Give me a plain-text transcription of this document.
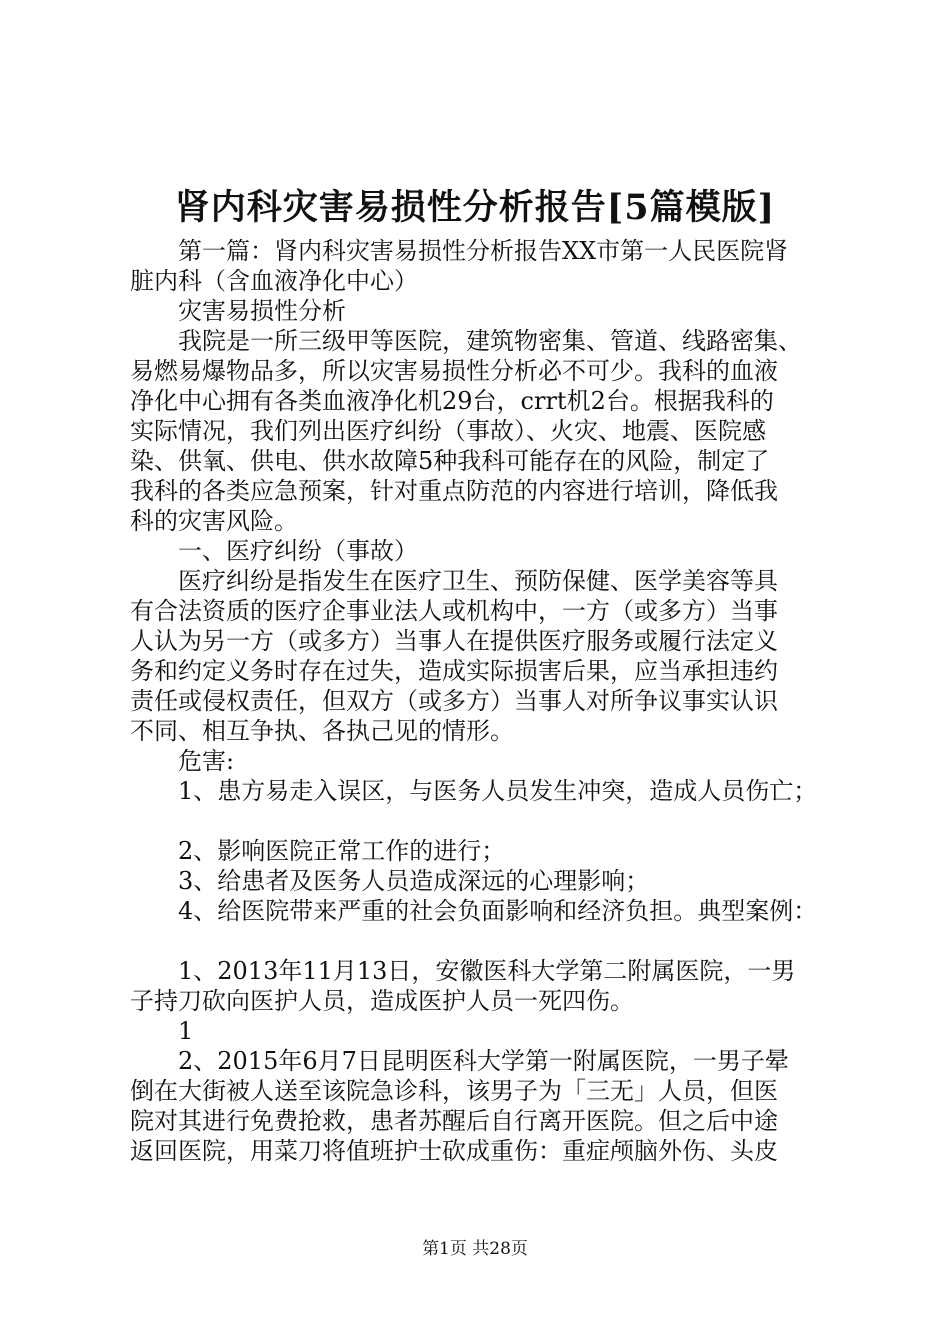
肾内科灾害易损性分析报告[5篇模版]
第一篇：肾内科灾害易损性分析报告XX市第一人民医院肾
脏内科（含血液净化中心）
灾害易损性分析
我院是一所三级甲等医院，建筑物密集、管道、线路密集、
易燃易爆物品多，所以灾害易损性分析必不可少。我科的血液
净化中心拥有各类血液净化机29台，crrt机2台。根据我科的
实际情况，我们列出医疗纠纷（事故）、火灾、地震、医院感
染、供氧、供电、供水故障5种我科可能存在的风险，制定了
我科的各类应急预案，针对重点防范的内容进行培训，降低我
科的灾害风险。
一、医疗纠纷（事故）
医疗纠纷是指发生在医疗卫生、预防保健、医学美容等具
有合法资质的医疗企事业法人或机构中，一方（或多方）当事
人认为另一方（或多方）当事人在提供医疗服务或履行法定义
务和约定义务时存在过失，造成实际损害后果，应当承担违约
责任或侵权责任，但双方（或多方）当事人对所争议事实认识
不同、相互争执、各执己见的情形。
危害:
1、患方易走入误区，与医务人员发生冲突，造成人员伤亡；
2、影响医院正常工作的进行；
3、给患者及医务人员造成深远的心理影响；
4、给医院带来严重的社会负面影响和经济负担。典型案例：
1、2013年11月13日，安徽医科大学第二附属医院，一男
子持刀砍向医护人员，造成医护人员一死四伤。
1
2、2015年6月7日昆明医科大学第一附属医院，一男子晕
倒在大街被人送至该院急诊科，该男子为「三无」人员，但医
院对其进行免费抢救，患者苏醒后自行离开医院。但之后中途
返回医院，用菜刀将值班护士砍成重伤：重症颅脑外伤、头皮
第1页 共28页
